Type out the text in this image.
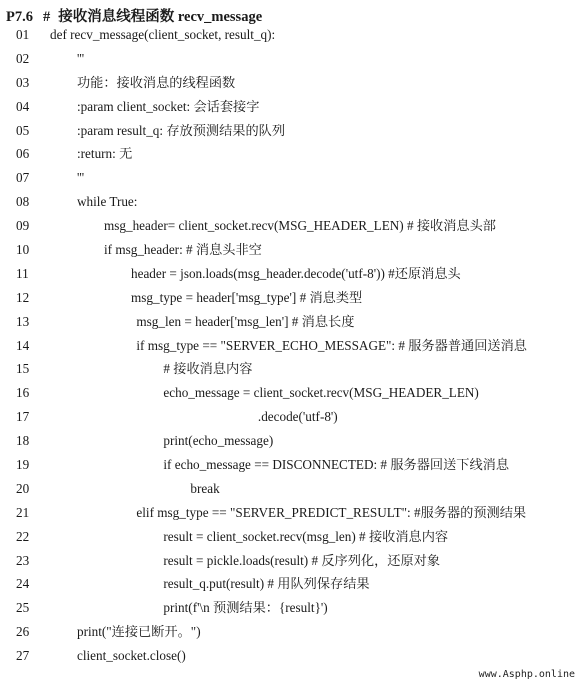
P7.6 # 接收消息线程函数 recv_message
01	def recv_message(client_socket, result_q):
02	'''
03	功能：接收消息的线程函数
04	:param client_socket: 会话套接字
05	:param result_q: 存放预测结果的队列
06	:return: 无
07	'''
08	while True:
09	msg_header= client_socket.recv(MSG_HEADER_LEN) # 接收消息头部
10	if msg_header: # 消息头非空
11	header = json.loads(msg_header.decode('utf-8')) #还原消息头
12	msg_type = header['msg_type'] # 消息类型
13	msg_len = header['msg_len'] # 消息长度
14	if msg_type == "SERVER_ECHO_MESSAGE": # 服务器普通回送消息
15	# 接收消息内容
16	echo_message = client_socket.recv(MSG_HEADER_LEN)
17	.decode('utf-8')
18	print(echo_message)
19	if echo_message == DISCONNECTED: # 服务器回送下线消息
20	break
21	elif msg_type == "SERVER_PREDICT_RESULT": #服务器的预测结果
22	result = client_socket.recv(msg_len) # 接收消息内容
23	result = pickle.loads(result) # 反序列化，还原对象
24	result_q.put(result) # 用队列保存结果
25	print(f'\n 预测结果：{result}')
26	print("连接已断开。")
27	client_socket.close()
www.Asphp.online
